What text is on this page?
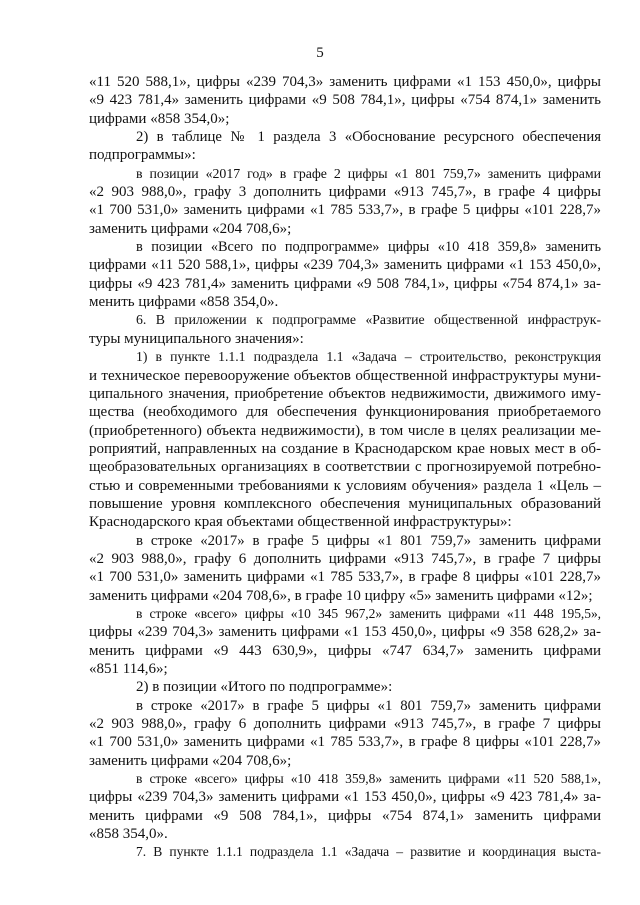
5

«11 520 588,1», цифры «239 704,3» заменить цифрами «1 153 450,0», цифры
«9 423 781,4» заменить цифрами «9 508 784,1», цифры «754 874,1» заменить
цифрами «858 354,0»;

2) в таблице № 1 раздела 3 «Обоснование ресурсного обеспечения
подпрограммы»:

в позиции «2017 год» в графе 2 цифры «1 801 759,7» заменить цифрами
«2 903 988,0», графу 3 дополнить цифрами «913 745,7», в графе 4 цифры
«1 700 531,0» заменить цифрами «1 785 533,7», в графе 5 цифры «101 228,7»
заменить цифрами «204 708,6»;

в позиции «Всего по подпрограмме» цифры «10 418 359,8» заменить
цифрами «11 520 588,1», цифры «239 704,3» заменить цифрами «1 153 450,0»,
цифры «9 423 781,4» заменить цифрами «9 508 784,1», цифры «754 874,1» за-
менить цифрами «858 354,0».

6. В приложении к подпрограмме «Развитие общественной инфраструк-
туры муниципального значения»:

1) в пункте 1.1.1 подраздела 1.1 «Задача – строительство, реконструкция
и техническое перевооружение объектов общественной инфраструктуры муни-
ципального значения, приобретение объектов недвижимости, движимого иму-
щества (необходимого для обеспечения функционирования приобретаемого
(приобретенного) объекта недвижимости), в том числе в целях реализации ме-
роприятий, направленных на создание в Краснодарском крае новых мест в об-
щеобразовательных организациях в соответствии с прогнозируемой потребно-
стью и современными требованиями к условиям обучения» раздела 1 «Цель –
повышение уровня комплексного обеспечения муниципальных образований
Краснодарского края объектами общественной инфраструктуры»:

в строке «2017» в графе 5 цифры «1 801 759,7» заменить цифрами
«2 903 988,0», графу 6 дополнить цифрами «913 745,7», в графе 7 цифры
«1 700 531,0» заменить цифрами «1 785 533,7», в графе 8 цифры «101 228,7»
заменить цифрами «204 708,6», в графе 10 цифру «5» заменить цифрами «12»;

в строке «всего» цифры «10 345 967,2» заменить цифрами «11 448 195,5»,
цифры «239 704,3» заменить цифрами «1 153 450,0», цифры «9 358 628,2» за-
менить цифрами «9 443 630,9», цифры «747 634,7» заменить цифрами
«851 114,6»;

2) в позиции «Итого по подпрограмме»:

в строке «2017» в графе 5 цифры «1 801 759,7» заменить цифрами
«2 903 988,0», графу 6 дополнить цифрами «913 745,7», в графе 7 цифры
«1 700 531,0» заменить цифрами «1 785 533,7», в графе 8 цифры «101 228,7»
заменить цифрами «204 708,6»;

в строке «всего» цифры «10 418 359,8» заменить цифрами «11 520 588,1»,
цифры «239 704,3» заменить цифрами «1 153 450,0», цифры «9 423 781,4» за-
менить цифрами «9 508 784,1», цифры «754 874,1» заменить цифрами
«858 354,0».

7. В пункте 1.1.1 подраздела 1.1 «Задача – развитие и координация выста-
